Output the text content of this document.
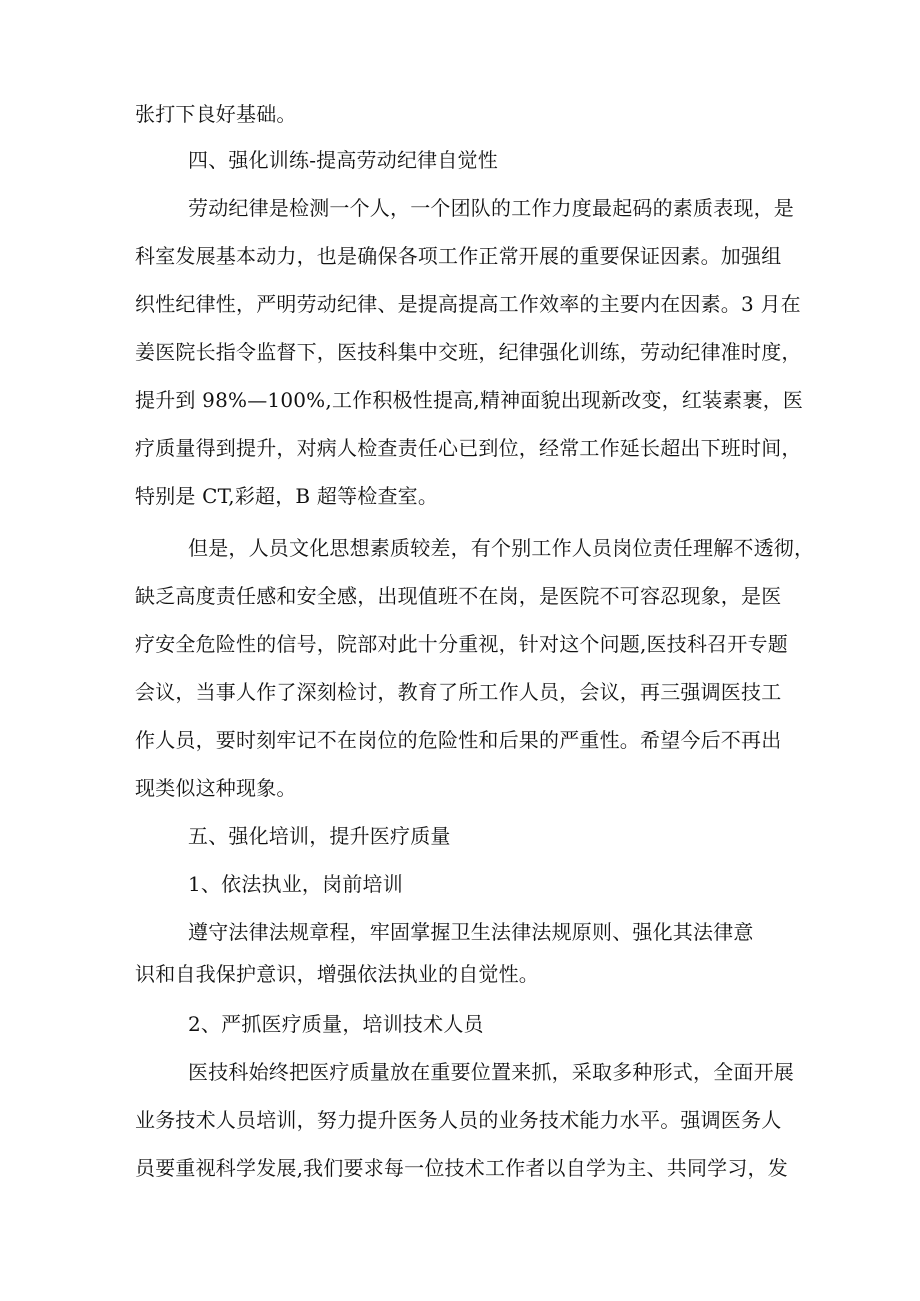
张打下良好基础。
四、强化训练-提高劳动纪律自觉性
劳动纪律是检测一个人，一个团队的工作力度最起码的素质表现，是
科室发展基本动力，也是确保各项工作正常开展的重要保证因素。加强组
织性纪律性，严明劳动纪律、是提高提高工作效率的主要内在因素。3 月在
姜医院长指令监督下，医技科集中交班，纪律强化训练，劳动纪律准时度，
提升到 98%—100%,工作积极性提高,精神面貌出现新改变，红装素裹，医
疗质量得到提升，对病人检查责任心已到位，经常工作延长超出下班时间，
特别是 CT,彩超，B 超等检查室。
但是，人员文化思想素质较差，有个别工作人员岗位责任理解不透彻，
缺乏高度责任感和安全感，出现值班不在岗，是医院不可容忍现象，是医
疗安全危险性的信号，院部对此十分重视，针对这个问题,医技科召开专题
会议，当事人作了深刻检讨，教育了所工作人员，会议，再三强调医技工
作人员，要时刻牢记不在岗位的危险性和后果的严重性。希望今后不再出
现类似这种现象。
五、强化培训，提升医疗质量
1、依法执业，岗前培训
遵守法律法规章程，牢固掌握卫生法律法规原则、强化其法律意
识和自我保护意识，增强依法执业的自觉性。
2、严抓医疗质量，培训技术人员
医技科始终把医疗质量放在重要位置来抓，采取多种形式，全面开展
业务技术人员培训，努力提升医务人员的业务技术能力水平。强调医务人
员要重视科学发展,我们要求每一位技术工作者以自学为主、共同学习，发
